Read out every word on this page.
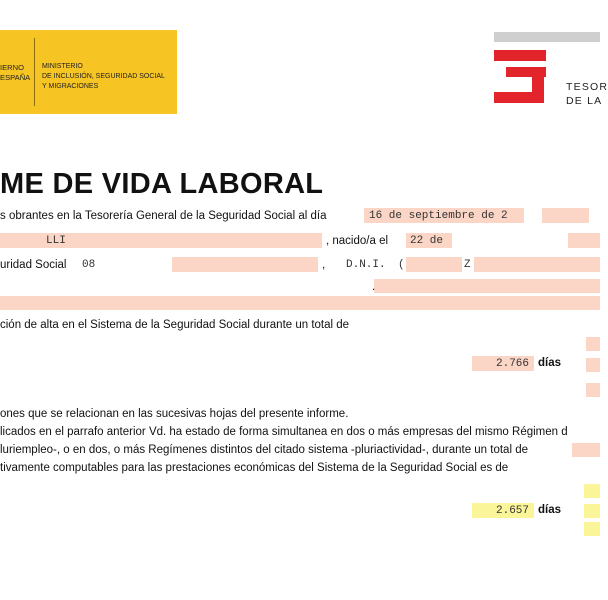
IERNO
ESPAÑA
MINISTERIO
DE INCLUSIÓN, SEGURIDAD SOCIAL
Y MIGRACIONES	TESOR
DE LA
ME DE VIDA LABORAL
s obrantes en la Tesorería General de la Seguridad Social al día	16 de septiembre de 2
LLI	, nacido/a el 22 de
uridad Social 08	, D.N.I. (	Z
.
ción de alta en el Sistema de la Seguridad Social durante un total de
2.766 días
ones que se relacionan en las sucesivas hojas del presente informe.
licados en el parrafo anterior Vd. ha estado de forma simultanea en dos o más empresas del mismo Régimen d
luriempleo-, o en dos, o más Regímenes distintos del citado sistema -pluriactividad-, durante un total de
tivamente computables para las prestaciones económicas del Sistema de la Seguridad Social es de
2.657 días
